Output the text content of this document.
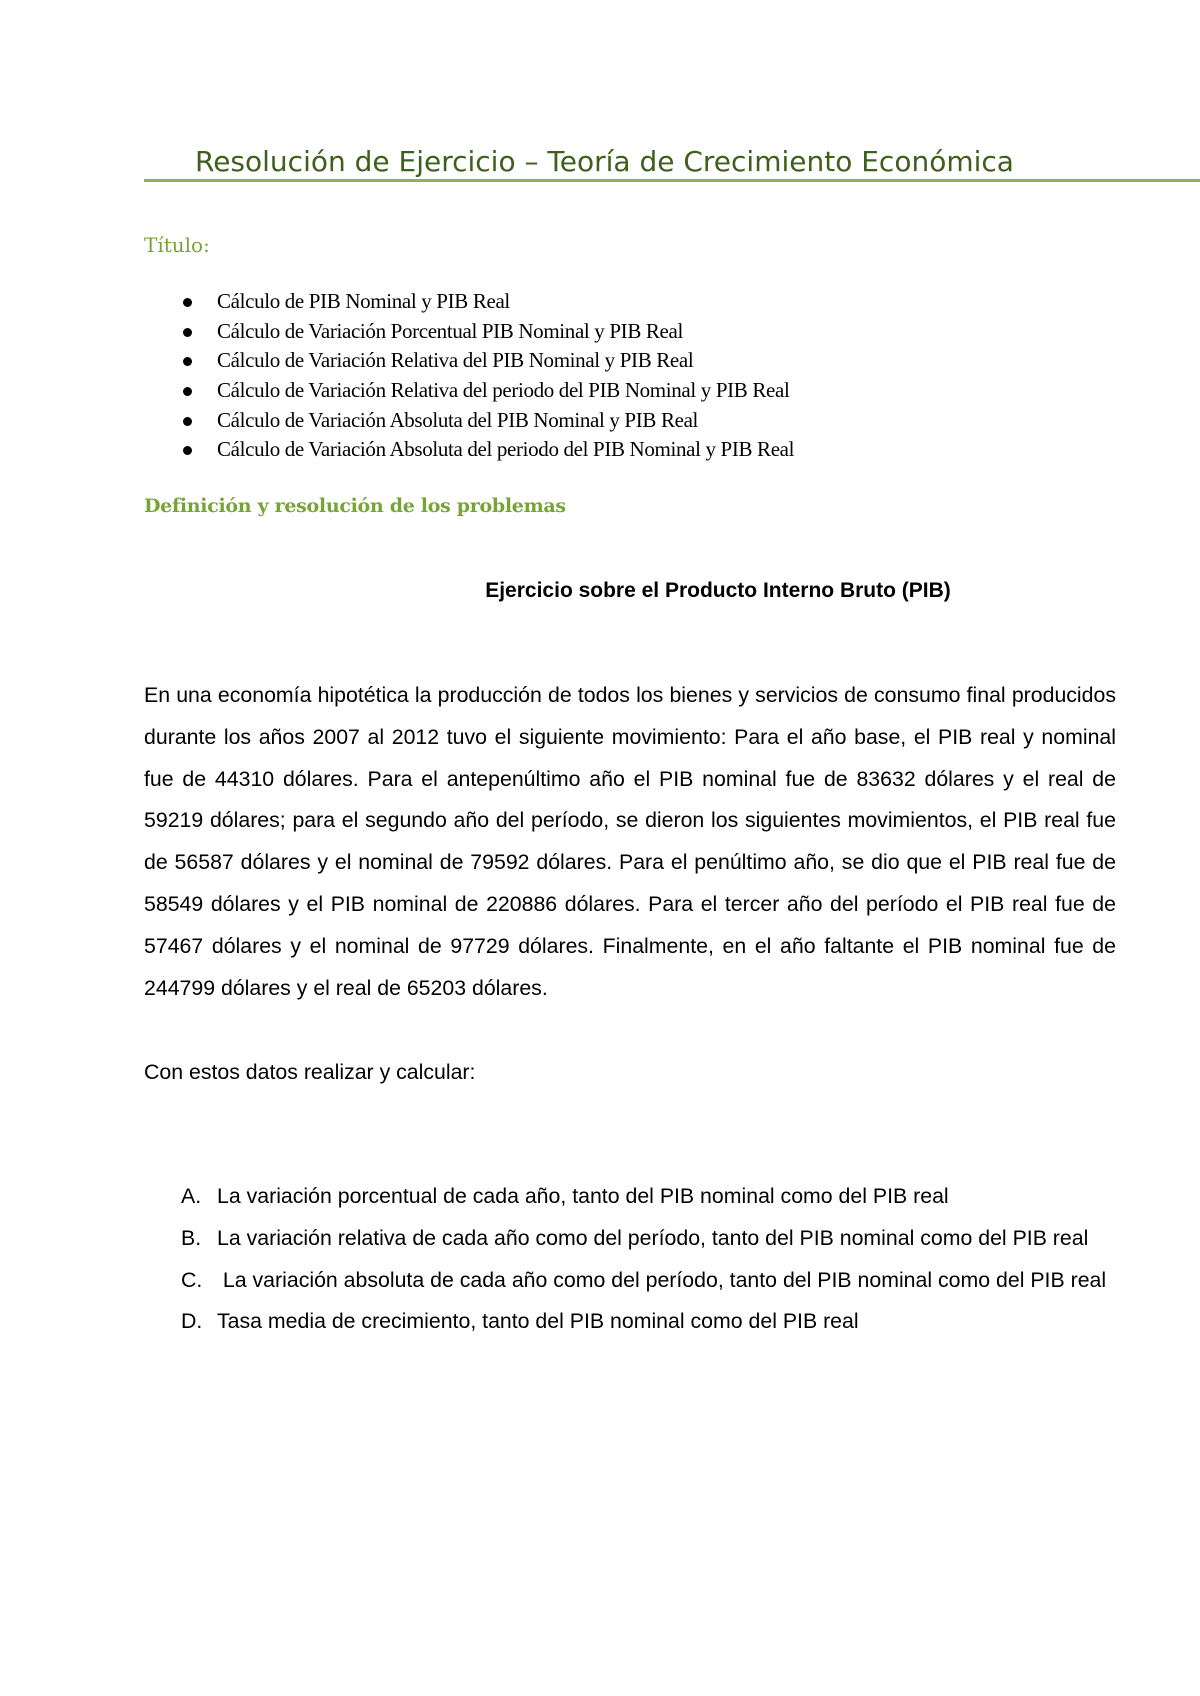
Resolución de Ejercicio – Teoría de Crecimiento Económica
Título:
Cálculo de PIB Nominal y PIB Real
Cálculo de Variación Porcentual PIB Nominal y PIB Real
Cálculo de Variación Relativa del PIB Nominal y PIB Real
Cálculo de Variación Relativa del periodo del PIB Nominal y PIB Real
Cálculo de Variación Absoluta del PIB Nominal y PIB Real
Cálculo de Variación Absoluta del periodo del PIB Nominal y PIB Real
Definición y resolución de los problemas
Ejercicio sobre el Producto Interno Bruto (PIB)

En una economía hipotética la producción de todos los bienes y servicios de consumo final producidos durante los años 2007 al 2012 tuvo el siguiente movimiento: Para el año base, el PIB real y nominal fue de 44310 dólares. Para el antepenúltimo año el PIB nominal fue de 83632 dólares y el real de 59219 dólares; para el segundo año del período, se dieron los siguientes movimientos, el PIB real fue de 56587 dólares y el nominal de 79592 dólares. Para el penúltimo año, se dio que el PIB real fue de 58549 dólares y el PIB nominal de 220886 dólares. Para el tercer año del período el PIB real fue de 57467 dólares y el nominal de 97729 dólares. Finalmente, en el año faltante el PIB nominal fue de 244799 dólares y el real de 65203 dólares.

Con estos datos realizar y calcular:
A. La variación porcentual de cada año, tanto del PIB nominal como del PIB real
B. La variación relativa de cada año como del período, tanto del PIB nominal como del PIB real
C. La variación absoluta de cada año como del período, tanto del PIB nominal como del PIB real
D. Tasa media de crecimiento, tanto del PIB nominal como del PIB real
